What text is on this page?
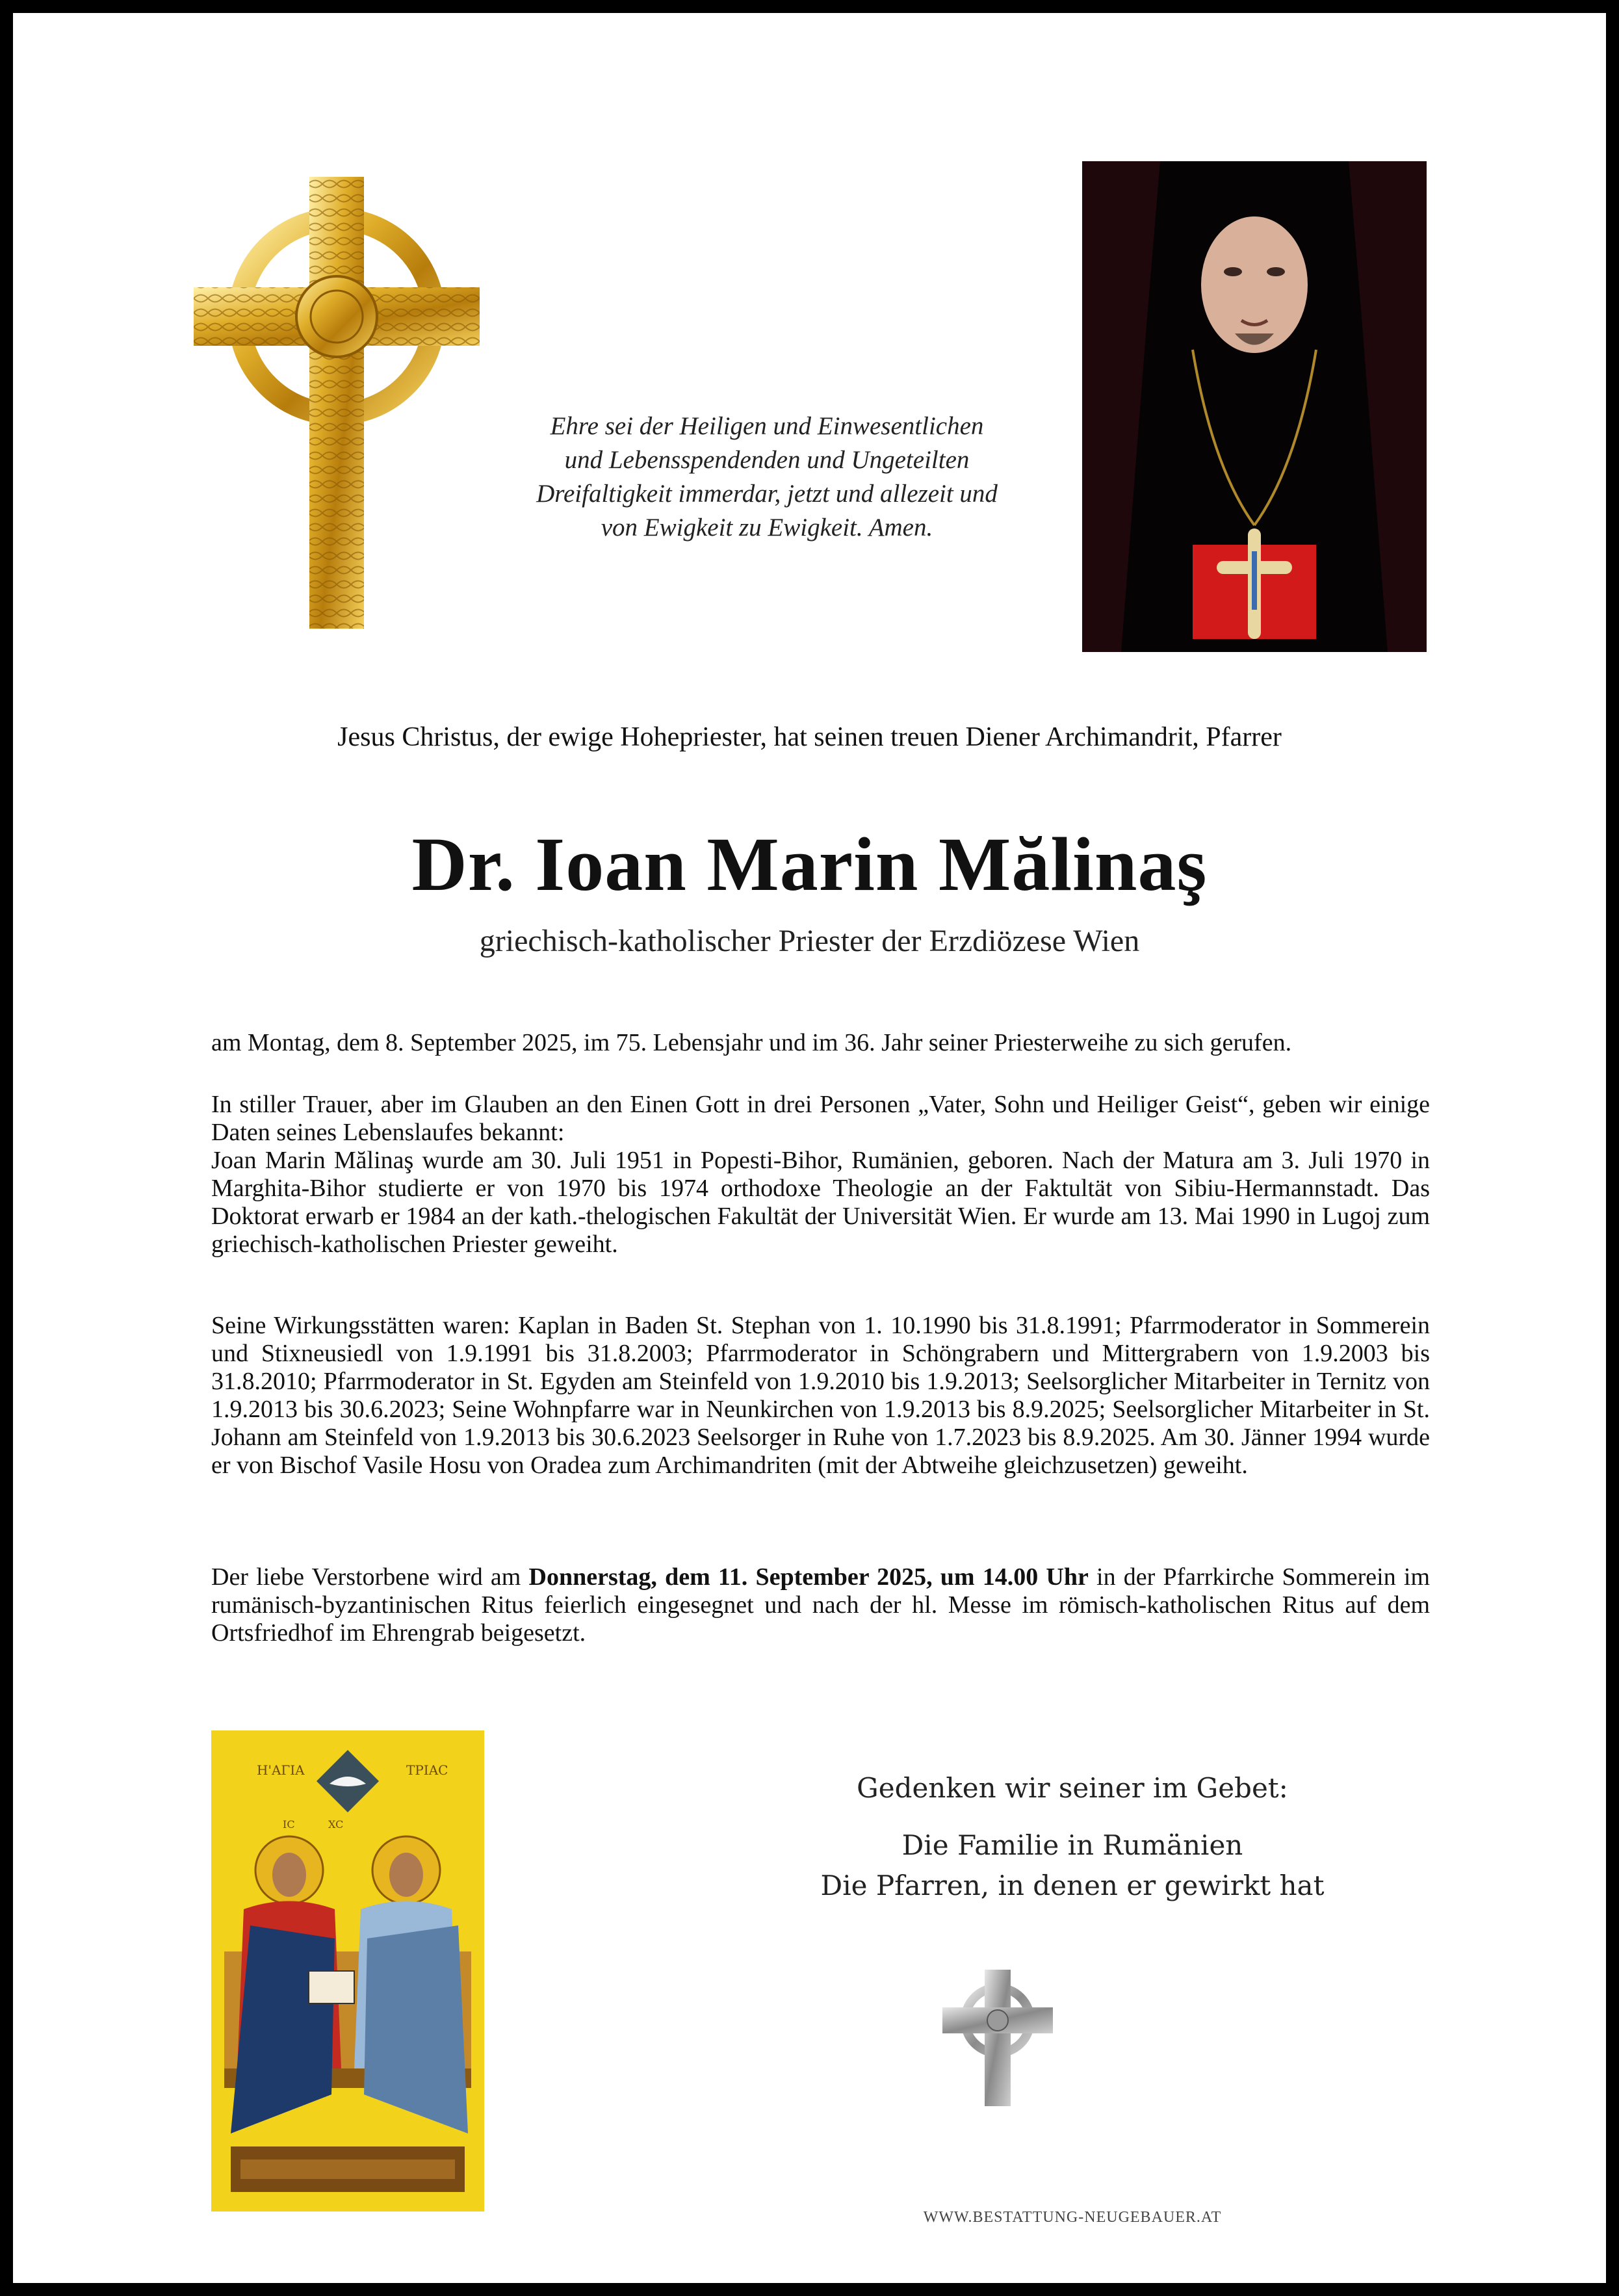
Ehre sei der Heiligen und Einwesentlichen
und Lebensspendenden und Ungeteilten
Dreifaltigkeit immerdar, jetzt und allezeit und
von Ewigkeit zu Ewigkeit. Amen.
Jesus Christus, der ewige Hohepriester, hat seinen treuen Diener Archimandrit, Pfarrer
Dr. Ioan Marin Mălinaş
griechisch-katholischer Priester der Erzdiözese Wien
am Montag, dem 8. September 2025, im 75. Lebensjahr und im 36. Jahr seiner Priesterweihe zu sich gerufen.
In stiller Trauer, aber im Glauben an den Einen Gott in drei Personen „Vater, Sohn und Heiliger Geist“, geben wir einige Daten seines Lebenslaufes bekannt:
Joan Marin Mălinaş wurde am 30. Juli 1951 in Popesti-Bihor, Rumänien, geboren. Nach der Matura am 3. Juli 1970 in Marghita-Bihor studierte er von 1970 bis 1974 orthodoxe Theologie an der Faktultät von Sibiu-Hermannstadt. Das Doktorat erwarb er 1984 an der kath.-thelogischen Fakultät der Universität Wien. Er wurde am 13. Mai 1990 in Lugoj zum griechisch-katholischen Priester geweiht.
Seine Wirkungsstätten waren: Kaplan in Baden St. Stephan von 1. 10.1990 bis 31.8.1991; Pfarrmoderator in Sommerein und Stixneusiedl von 1.9.1991 bis 31.8.2003; Pfarrmoderator in Schöngrabern und Mittergrabern von 1.9.2003 bis 31.8.2010; Pfarrmoderator in St. Egyden am Steinfeld von 1.9.2010 bis 1.9.2013; Seelsorglicher Mitarbeiter in Ternitz von 1.9.2013 bis 30.6.2023; Seine Wohnpfarre war in Neunkirchen von 1.9.2013 bis 8.9.2025; Seelsorglicher Mitarbeiter in St. Johann am Steinfeld von 1.9.2013 bis 30.6.2023 Seelsorger in Ruhe von 1.7.2023 bis 8.9.2025. Am 30. Jänner 1994 wurde er von Bischof Vasile Hosu von Oradea zum Archimandriten (mit der Abtweihe gleichzusetzen) geweiht.
Der liebe Verstorbene wird am Donnerstag, dem 11. September 2025, um 14.00 Uhr in der Pfarrkirche Sommerein im rumänisch-byzantinischen Ritus feierlich eingesegnet und nach der hl. Messe im römisch-katholischen Ritus auf dem Ortsfriedhof im Ehrengrab beigesetzt.
H'AΓIA	TPIAC
IC	XC
Gedenken wir seiner im Gebet:
Die Familie in Rumänien
Die Pfarren, in denen er gewirkt hat
WWW.BESTATTUNG-NEUGEBAUER.AT
